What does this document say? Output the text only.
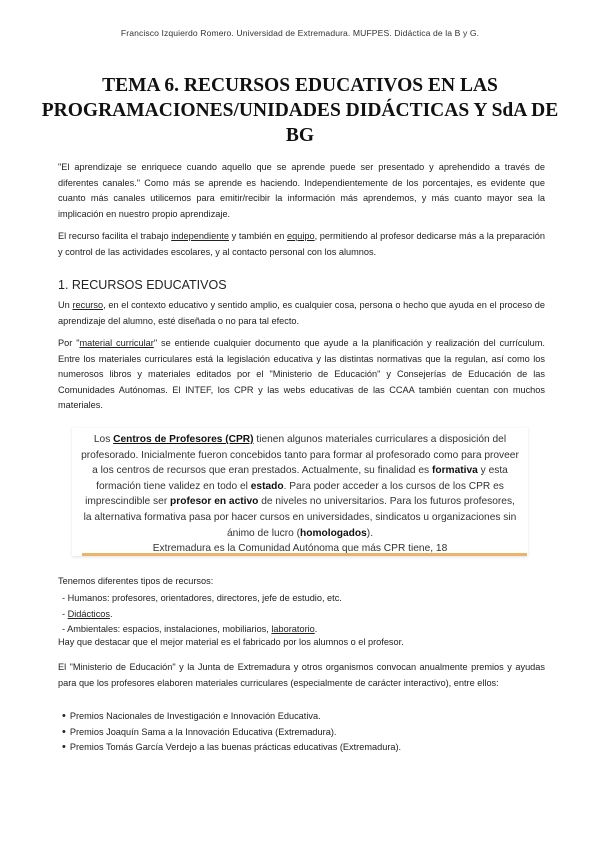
Francisco Izquierdo Romero. Universidad de Extremadura. MUFPES. Didáctica de la B y G.
TEMA 6. RECURSOS EDUCATIVOS EN LAS PROGRAMACIONES/UNIDADES DIDÁCTICAS Y SdA DE BG

"El aprendizaje se enriquece cuando aquello que se aprende puede ser presentado y aprehendido a través de diferentes canales." Como más se aprende es haciendo. Independientemente de los porcentajes, es evidente que cuanto más canales utilicemos para emitir/recibir la información más aprendemos, y más cuanto mayor sea la implicación en nuestro propio aprendizaje.

El recurso facilita el trabajo independiente y también en equipo, permitiendo al profesor dedicarse más a la preparación y control de las actividades escolares, y al contacto personal con los alumnos.

1. RECURSOS EDUCATIVOS

Un recurso, en el contexto educativo y sentido amplio, es cualquier cosa, persona o hecho que ayuda en el proceso de aprendizaje del alumno, esté diseñada o no para tal efecto.

Por "material curricular" se entiende cualquier documento que ayude a la planificación y realización del currículum. Entre los materiales curriculares está la legislación educativa y las distintas normativas que la regulan, así como los numerosos libros y materiales editados por el "Ministerio de Educación" y Consejerías de Educación de las Comunidades Autónomas. El INTEF, los CPR y las webs educativas de las CCAA también cuentan con muchos materiales.

Los Centros de Profesores (CPR) tienen algunos materiales curriculares a disposición del profesorado. Inicialmente fueron concebidos tanto para formar al profesorado como para proveer a los centros de recursos que eran prestados. Actualmente, su finalidad es formativa y esta formación tiene validez en todo el estado. Para poder acceder a los cursos de los CPR es imprescindible ser profesor en activo de niveles no universitarios. Para los futuros profesores, la alternativa formativa pasa por hacer cursos en universidades, sindicatos u organizaciones sin ánimo de lucro (homologados).
Extremadura es la Comunidad Autónoma que más CPR tiene, 18
Tenemos diferentes tipos de recursos:
- Humanos: profesores, orientadores, directores, jefe de estudio, etc.
- Didácticos.
- Ambientales: espacios, instalaciones, mobiliarios, laboratorio.
Hay que destacar que el mejor material es el fabricado por los alumnos o el profesor.

El "Ministerio de Educación" y la Junta de Extremadura y otros organismos convocan anualmente premios y ayudas para que los profesores elaboren materiales curriculares (especialmente de carácter interactivo), entre ellos:

• Premios Nacionales de Investigación e Innovación Educativa.
• Premios Joaquín Sama a la Innovación Educativa (Extremadura).
• Premios Tomás García Verdejo a las buenas prácticas educativas (Extremadura).
